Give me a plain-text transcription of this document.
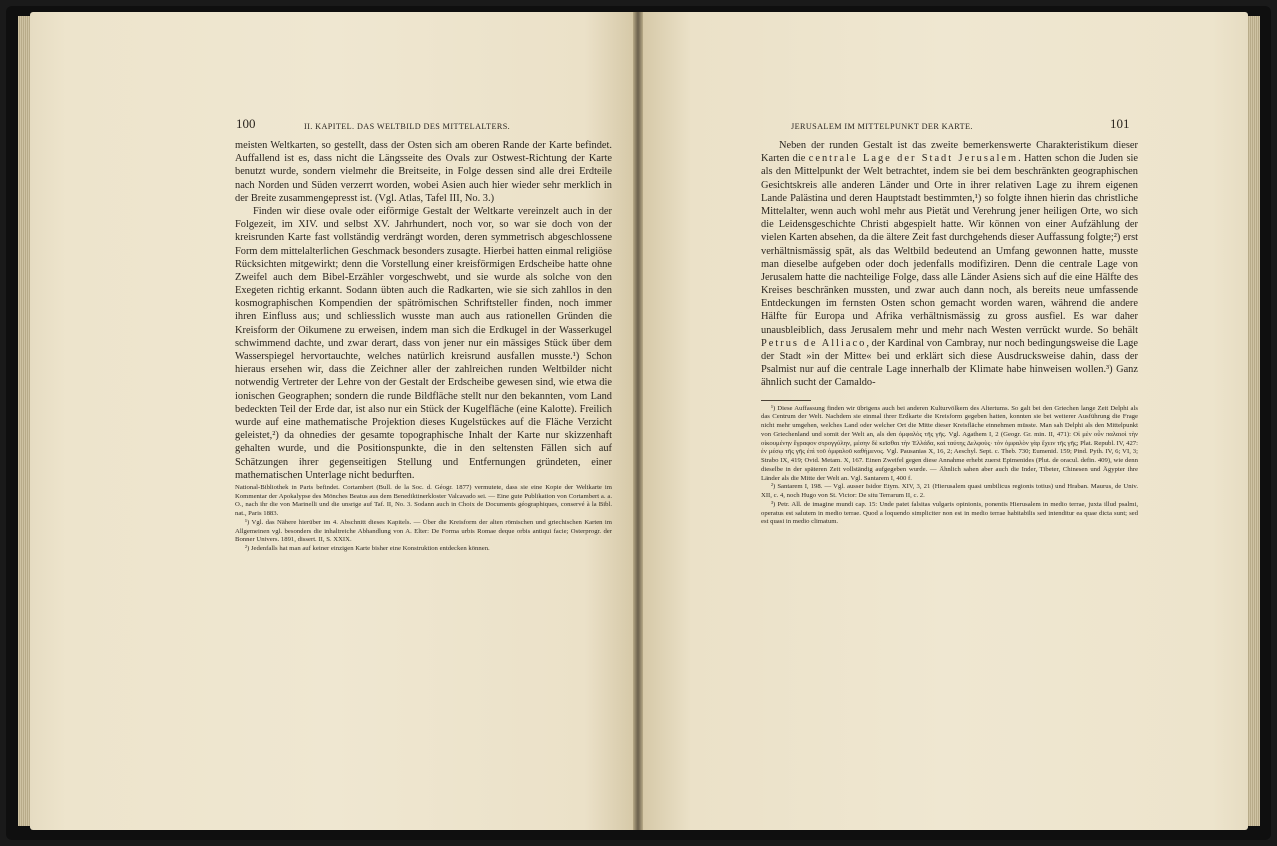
100	II. KAPITEL. DAS WELTBILD DES MITTELALTERS.

meisten Weltkarten, so gestellt, dass der Osten sich am oberen Rande der Karte befindet. Auffallend ist es, dass nicht die Längsseite des Ovals zur Ostwest-Richtung der Karte benutzt wurde, sondern vielmehr die Breitseite, in Folge dessen sind alle drei Erdteile nach Norden und Süden verzerrt worden, wobei Asien auch hier wieder sehr merklich in der Breite zusammengepresst ist. (Vgl. Atlas, Tafel III, No. 3.)

Finden wir diese ovale oder eiförmige Gestalt der Weltkarte vereinzelt auch in der Folgezeit, im XIV. und selbst XV. Jahrhundert, noch vor, so war sie doch von der kreisrunden Karte fast vollständig verdrängt worden, deren symmetrisch abgeschlossene Form dem mittelalterlichen Geschmack besonders zusagte. Hierbei hatten einmal religiöse Rücksichten mitgewirkt; denn die Vorstellung einer kreisförmigen Erdscheibe hatte ohne Zweifel auch dem Bibel-Erzähler vorgeschwebt, und sie wurde als solche von den Exegeten richtig erkannt. Sodann übten auch die Radkarten, wie sie sich zahllos in den kosmographischen Kompendien der spätrömischen Schriftsteller finden, noch immer ihren Einfluss aus; und schliesslich wusste man auch aus rationellen Gründen die Kreisform der Oikumene zu erweisen, indem man sich die Erdkugel in der Wasserkugel schwimmend dachte, und zwar derart, dass von jener nur ein mässiges Stück über dem Wasserspiegel hervortauchte, welches natürlich kreisrund ausfallen musste.¹) Schon hieraus ersehen wir, dass die Zeichner aller der zahlreichen runden Weltbilder nicht notwendig Vertreter der Lehre von der Gestalt der Erdscheibe gewesen sind, wie etwa die ionischen Geographen; sondern die runde Bildfläche stellt nur den bekannten, vom Land bedeckten Teil der Erde dar, ist also nur ein Stück der Kugelfläche (eine Kalotte). Freilich wurde auf eine mathematische Projektion dieses Kugelstückes auf die Fläche Verzicht geleistet,²) da ohnedies der gesamte topographische Inhalt der Karte nur skizzenhaft gehalten wurde, und die Positionspunkte, die in den seltensten Fällen sich auf Schätzungen ihrer gegenseitigen Stellung und Entfernungen gründeten, einer mathematischen Unterlage nicht bedurften.

National-Bibliothek in Paris befindet. Cortambert (Bull. de la Soc. d. Géogr. 1877) vermutete, dass sie eine Kopie der Weltkarte im Kommentar der Apokalypse des Mönches Beatus aus dem Benediktinerkloster Valcavado sei. — Eine gute Publikation von Cortambert a. a. O., nach ihr die von Marinelli und die unsrige auf Taf. II, No. 3. Sodann auch in Choix de Documents géographiques, conservé à la Bibl. nat., Paris 1883.

¹) Vgl. das Nähere hierüber im 4. Abschnitt dieses Kapitels. — Über die Kreisform der alten römischen und griechischen Karten im Allgemeinen vgl. besonders die inhaltreiche Abhandlung von A. Elter: De Forma urbis Romae deque orbis antiqui facie; Osterprogr. der Bonner Univers. 1891, dissert. II, S. XXIX.

²) Jedenfalls hat man auf keiner einzigen Karte bisher eine Konstruktion entdecken können.

JERUSALEM IM MITTELPUNKT DER KARTE.	101

Neben der runden Gestalt ist das zweite bemerkenswerte Charakteristikum dieser Karten die centrale Lage der Stadt Jerusalem. Hatten schon die Juden sie als den Mittelpunkt der Welt betrachtet, indem sie bei dem beschränkten geographischen Gesichtskreis alle anderen Länder und Orte in ihrer relativen Lage zu ihrem eigenen Lande Palästina und deren Hauptstadt bestimmten,¹) so folgte ihnen hierin das christliche Mittelalter, wenn auch wohl mehr aus Pietät und Verehrung jener heiligen Orte, wo sich die Leidensgeschichte Christi abgespielt hatte. Wir können von einer Aufzählung der vielen Karten absehen, da die ältere Zeit fast durchgehends dieser Auffassung folgte;²) erst verhältnismässig spät, als das Weltbild bedeutend an Umfang gewonnen hatte, musste man dieselbe aufgeben oder doch jedenfalls modifiziren. Denn die centrale Lage von Jerusalem hatte die nachteilige Folge, dass alle Länder Asiens sich auf die eine Hälfte des Kreises beschränken mussten, und zwar auch dann noch, als bereits neue umfassende Entdeckungen im fernsten Osten schon gemacht worden waren, während die andere Hälfte für Europa und Afrika verhältnismässig zu gross ausfiel. Es war daher unausbleiblich, dass Jerusalem mehr und mehr nach Westen verrückt wurde. So behält Petrus de Alliaco, der Kardinal von Cambray, nur noch bedingungsweise die Lage der Stadt »in der Mitte« bei und erklärt sich diese Ausdrucksweise dahin, dass der Psalmist nur auf die centrale Lage innerhalb der Klimate habe hinweisen wollen.³) Ganz ähnlich sucht der Camaldo-

¹) Diese Auffassung finden wir übrigens auch bei anderen Kulturvölkern des Altertums. So galt bei den Griechen lange Zeit Delphi als das Centrum der Welt. Nachdem sie einmal ihrer Erdkarte die Kreisform gegeben hatten, konnten sie bei weiterer Ausführung die Frage nicht mehr umgehen, welches Land oder welcher Ort die Mitte dieser Kreisfläche einnehmen müsste. Man sah Delphi als den Mittelpunkt von Griechenland und somit der Welt an, als den ὀμφαλὸς τῆς γῆς. Vgl. Agathem I, 2 (Geogr. Gr. min. II, 471): Οἱ μὲν οὖν παλαιοὶ τὴν οἰκουμένην ἔγραφον στρογγύλην, μέσην δὲ κεῖσθαι τὴν Ἑλλάδα, καὶ ταύτης Δελφοὺς· τὸν ὀμφαλὸν γὰρ ἔχειν τῆς γῆς; Plat. Republ. IV, 427: ἐν μέσῳ τῆς γῆς ἐπὶ τοῦ ὀμφαλοῦ καθήμενος. Vgl. Pausanias X, 16, 2; Aeschyl. Sept. c. Theb. 730; Eumenid. 159; Pind. Pyth. IV, 6; VI, 3; Strabo IX, 419; Ovid. Metam. X, 167. Einen Zweifel gegen diese Annahme erhebt zuerst Epimenides (Plut. de oracul. defin. 409), wie denn dieselbe in der späteren Zeit vollständig aufgegeben wurde. — Ähnlich sahen aber auch die Inder, Tibeter, Chinesen und Ägypter ihre Länder als die Mitte der Welt an. Vgl. Santarem I, 400 f.

²) Santarem I, 198. — Vgl. ausser Isidor Etym. XIV, 3, 21 (Hierusalem quasi umbilicus regionis totius) und Hraban. Maurus, de Univ. XII, c. 4, noch Hugo von St. Victor: De situ Terrarum II, c. 2.

³) Petr. All. de imagine mundi cap. 15: Unde patet falsitas vulgaris opinionis, ponentis Hierusalem in medio terrae, juxta illud psalmi, operatus est salutem in medio terrae. Quod a loquendo simpliciter non est in medio terrae habitabilis sed intenditur ea quae dicta sunt; sed est quasi in medio climatum.
